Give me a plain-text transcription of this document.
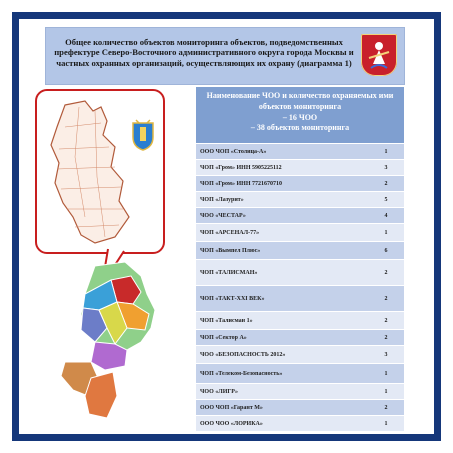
Общее количество объектов мониторинга объектов, подведомственных
префектуре Северо-Восточного административного округа города Москвы и
частных охранных организаций, осуществляющих их охрану (диаграмма 1)
Наименование ЧОО и количество охраняемых ими
объектов мониторинга
– 16 ЧОО
– 38 объектов мониторинга
ООО ЧОП «Столица-А»	1
ЧОП «Гром» ИНН 5905225112	3
ЧОП «Гром» ИНН 7721670710	2
ЧОП «Лазурит»	5
ЧОО «ЧЕСТАР»	4
ЧОП «АРСЕНАЛ-77»	1
ЧОП «Вымпел Плюс»	6
ЧОП «ТАЛИСМАН»	2
ЧОП «ТАКТ-XXI ВЕК»	2
ЧОП «Талисман 1»	2
ЧОП «Сектор А»	2
ЧОО «БЕЗОПАСНОСТЬ 2012»	3
ЧОП «Телеком-Безопасность»	1
ЧОО «ЛИГР»	1
ООО ЧОП «Гарант М»	2
ООО ЧОО «ЛОРИКА»	1
